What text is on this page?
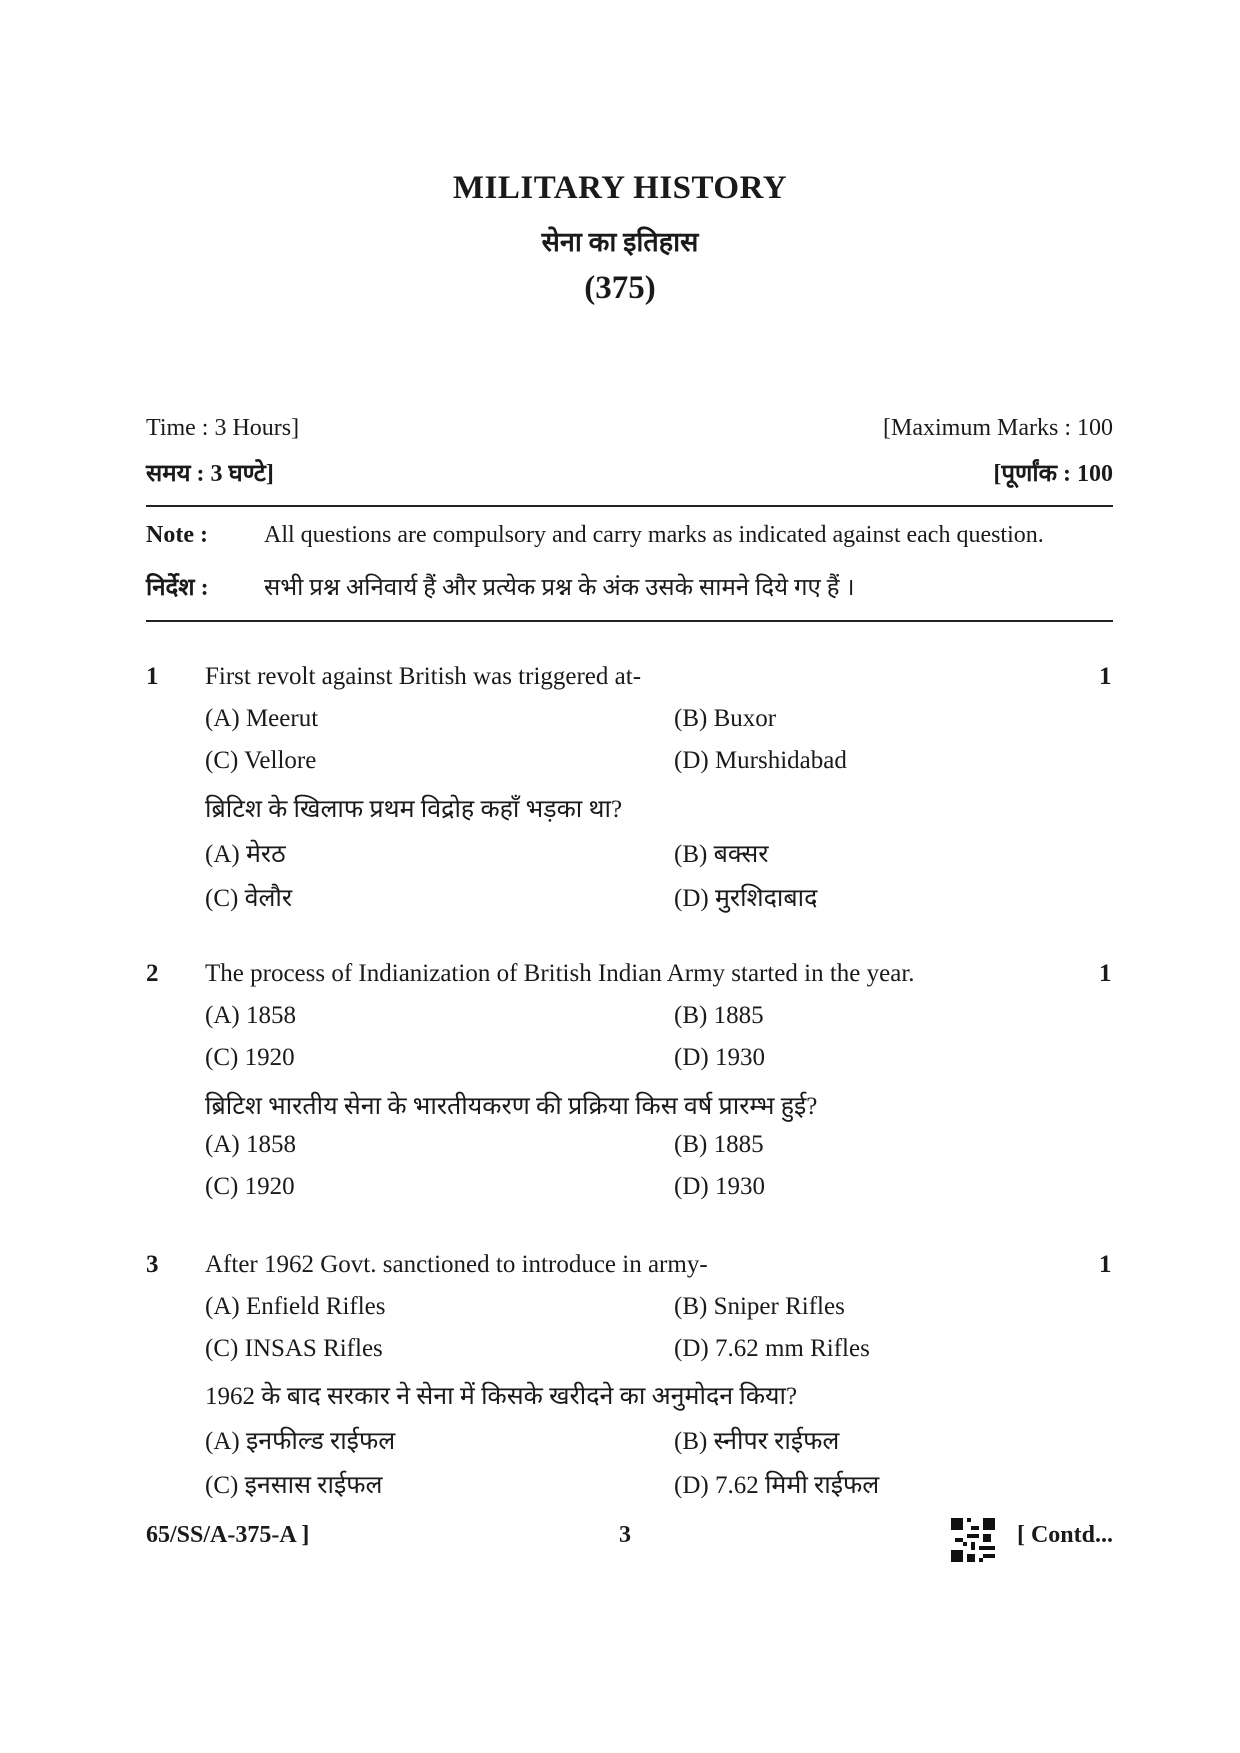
MILITARY HISTORY
सेना का इतिहास
(375)
Time : 3 Hours]	[Maximum Marks : 100
समय : 3 घण्टे]	[पूर्णांक : 100
Note : All questions are compulsory and carry marks as indicated against each question.
निर्देश : सभी प्रश्न अनिवार्य हैं और प्रत्येक प्रश्न के अंक उसके सामने दिये गए हैं ।
1 First revolt against British was triggered at-	1
(A) Meerut	(B) Buxor
(C) Vellore	(D) Murshidabad
ब्रिटिश के खिलाफ प्रथम विद्रोह कहाँ भड़का था?
(A) मेरठ	(B) बक्सर
(C) वेलौर	(D) मुरशिदाबाद
2 The process of Indianization of British Indian Army started in the year.	1
(A) 1858	(B) 1885
(C) 1920	(D) 1930
ब्रिटिश भारतीय सेना के भारतीयकरण की प्रक्रिया किस वर्ष प्रारम्भ हुई?
(A) 1858	(B) 1885
(C) 1920	(D) 1930
3 After 1962 Govt. sanctioned to introduce in army-	1
(A) Enfield Rifles	(B) Sniper Rifles
(C) INSAS Rifles	(D) 7.62 mm Rifles
1962 के बाद सरकार ने सेना में किसके खरीदने का अनुमोदन किया?
(A) इनफील्ड राईफल	(B) स्नीपर राईफल
(C) इनसास राईफल	(D) 7.62 मिमी राईफल
65/SS/A-375-A ]	3	[ Contd...
